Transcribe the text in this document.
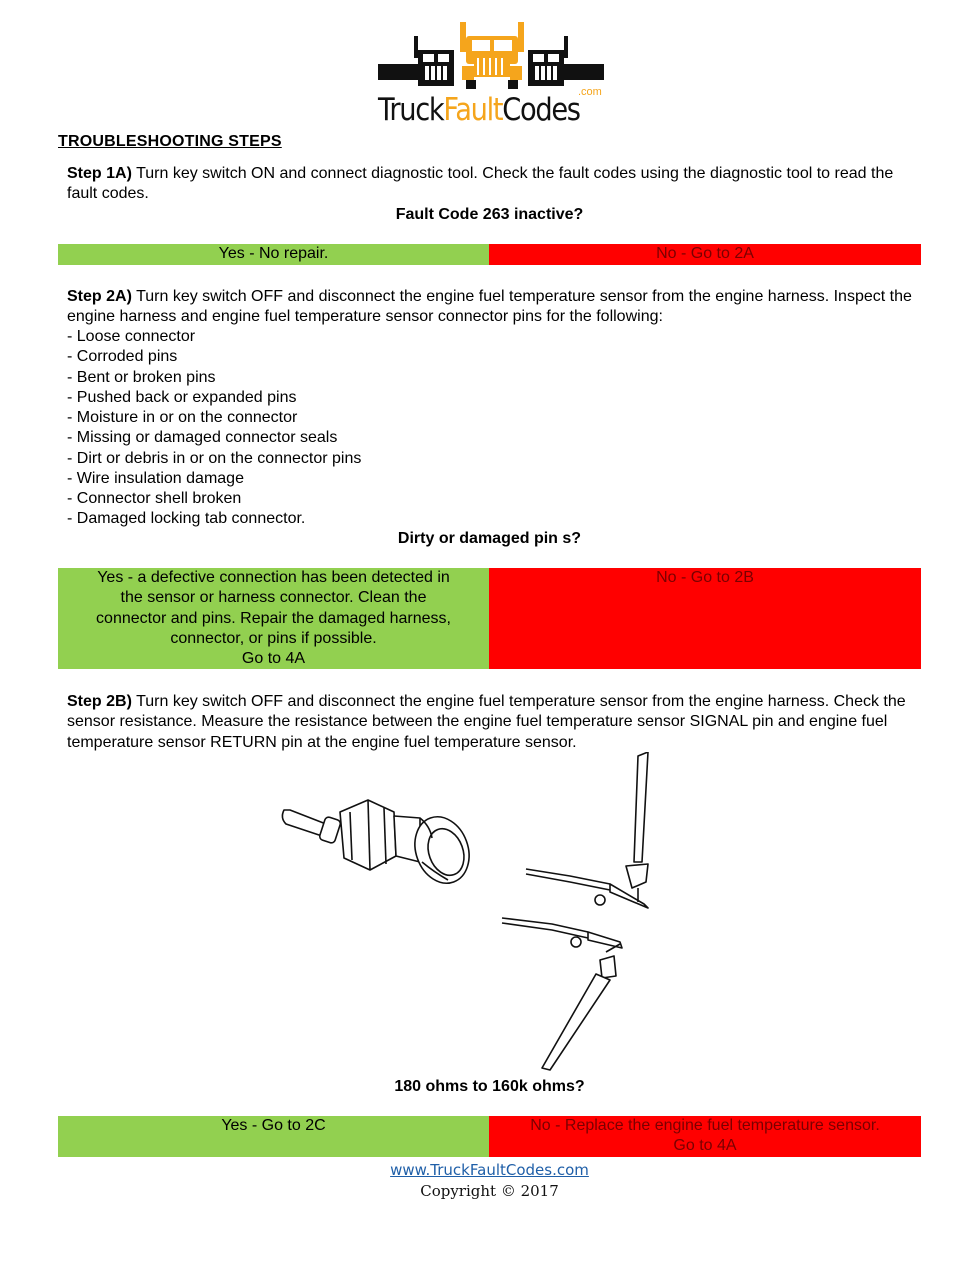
.com
TruckFaultCodes
TROUBLESHOOTING STEPS
Step 1A) Turn key switch ON and connect diagnostic tool. Check the fault codes using the diagnostic tool to read the fault codes.
Fault Code 263 inactive?
Yes - No repair.	No - Go to 2A
Step 2A) Turn key switch OFF and disconnect the engine fuel temperature sensor from the engine harness. Inspect the engine harness and engine fuel temperature sensor connector pins for the following:
- Loose connector
- Corroded pins
- Bent or broken pins
- Pushed back or expanded pins
- Moisture in or on the connector
- Missing or damaged connector seals
- Dirt or debris in or on the connector pins
- Wire insulation damage
- Connector shell broken
- Damaged locking tab connector.
Dirty or damaged pin s?
Yes - a defective connection has been detected in
the sensor or harness connector. Clean the
connector and pins. Repair the damaged harness,
connector, or pins if possible.
Go to 4A
No - Go to 2B
Step 2B) Turn key switch OFF and disconnect the engine fuel temperature sensor from the engine harness. Check the sensor resistance. Measure the resistance between the engine fuel temperature sensor SIGNAL pin and engine fuel temperature sensor RETURN pin at the engine fuel temperature sensor.
180 ohms to 160k ohms?
Yes - Go to 2C	No - Replace the engine fuel temperature sensor.
Go to 4A
www.TruckFaultCodes.com
Copyright © 2017
